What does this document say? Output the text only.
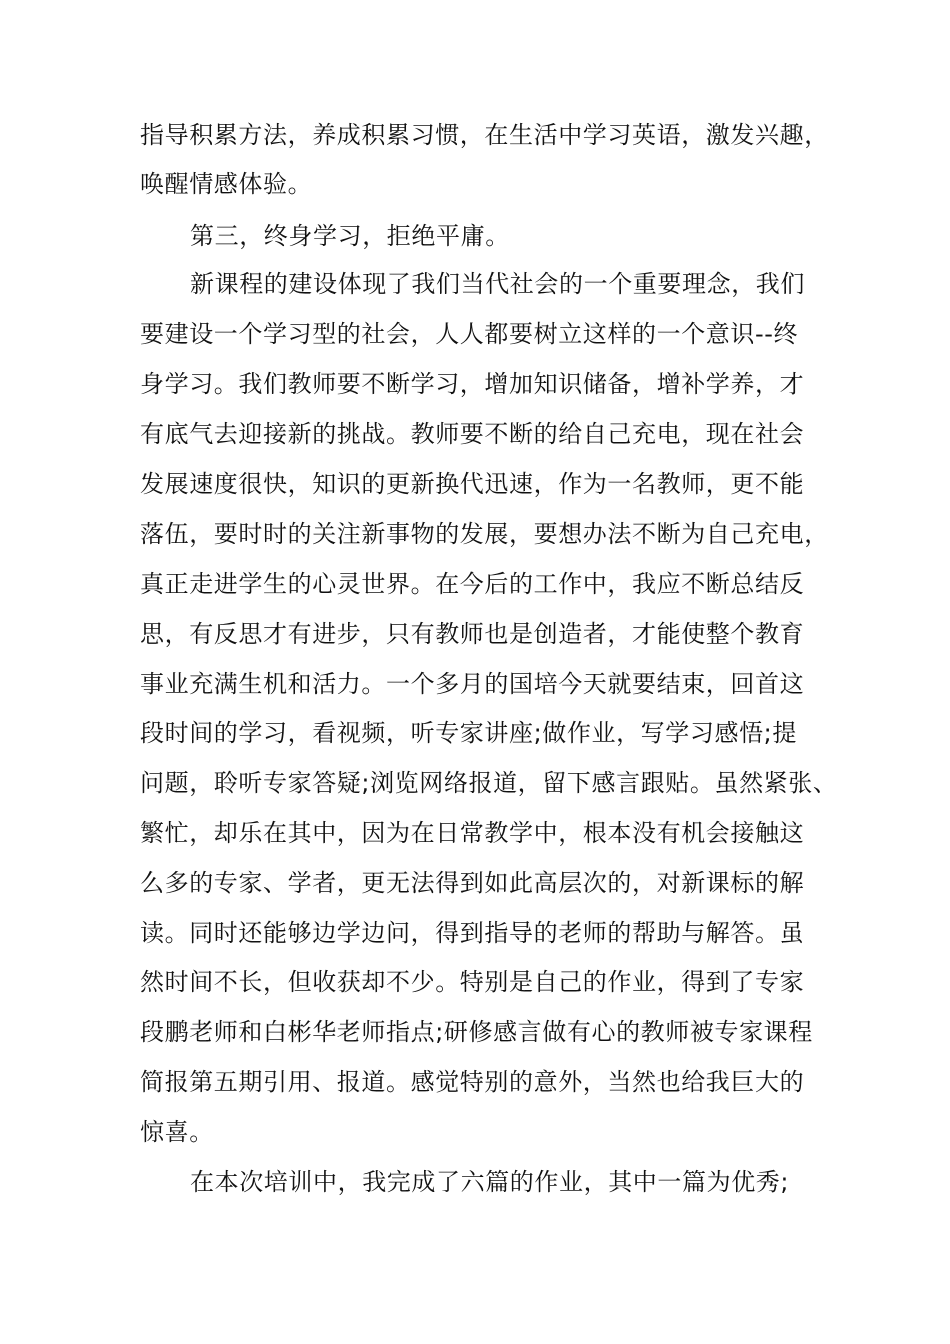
指导积累方法，养成积累习惯，在生活中学习英语，激发兴趣，
唤醒情感体验。
第三，终身学习，拒绝平庸。
新课程的建设体现了我们当代社会的一个重要理念，我们
要建设一个学习型的社会，人人都要树立这样的一个意识--终
身学习。我们教师要不断学习，增加知识储备，增补学养，才
有底气去迎接新的挑战。教师要不断的给自己充电，现在社会
发展速度很快，知识的更新换代迅速，作为一名教师，更不能
落伍，要时时的关注新事物的发展，要想办法不断为自己充电，
真正走进学生的心灵世界。在今后的工作中，我应不断总结反
思，有反思才有进步，只有教师也是创造者，才能使整个教育
事业充满生机和活力。一个多月的国培今天就要结束，回首这
段时间的学习，看视频，听专家讲座;做作业，写学习感悟;提
问题，聆听专家答疑;浏览网络报道，留下感言跟贴。虽然紧张、
繁忙，却乐在其中，因为在日常教学中，根本没有机会接触这
么多的专家、学者，更无法得到如此高层次的，对新课标的解
读。同时还能够边学边问，得到指导的老师的帮助与解答。虽
然时间不长，但收获却不少。特别是自己的作业，得到了专家
段鹏老师和白彬华老师指点;研修感言做有心的教师被专家课程
简报第五期引用、报道。感觉特别的意外，当然也给我巨大的
惊喜。
在本次培训中，我完成了六篇的作业，其中一篇为优秀;
